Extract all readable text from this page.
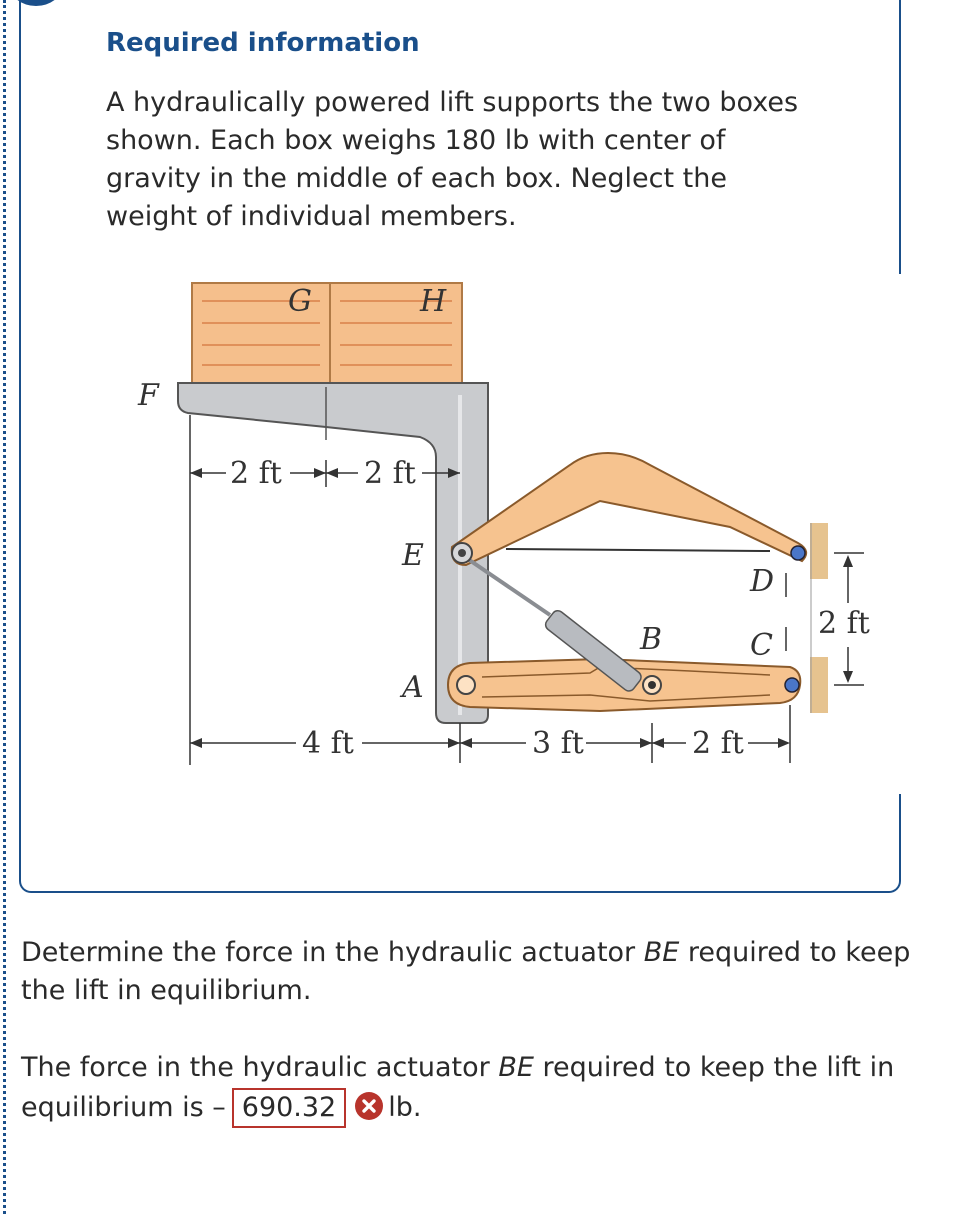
Required information

A hydraulically powered lift supports the two boxes shown. Each box weighs 180 lb with center of gravity in the middle of each box. Neglect the weight of individual members.

G	H
F
2 ft	2 ft
4 ft	3 ft	2 ft
2 ft
E
A
B	C
D

Determine the force in the hydraulic actuator BE required to keep the lift in equilibrium.

The force in the hydraulic actuator BE required to keep the lift in equilibrium is – 690.32 lb.
